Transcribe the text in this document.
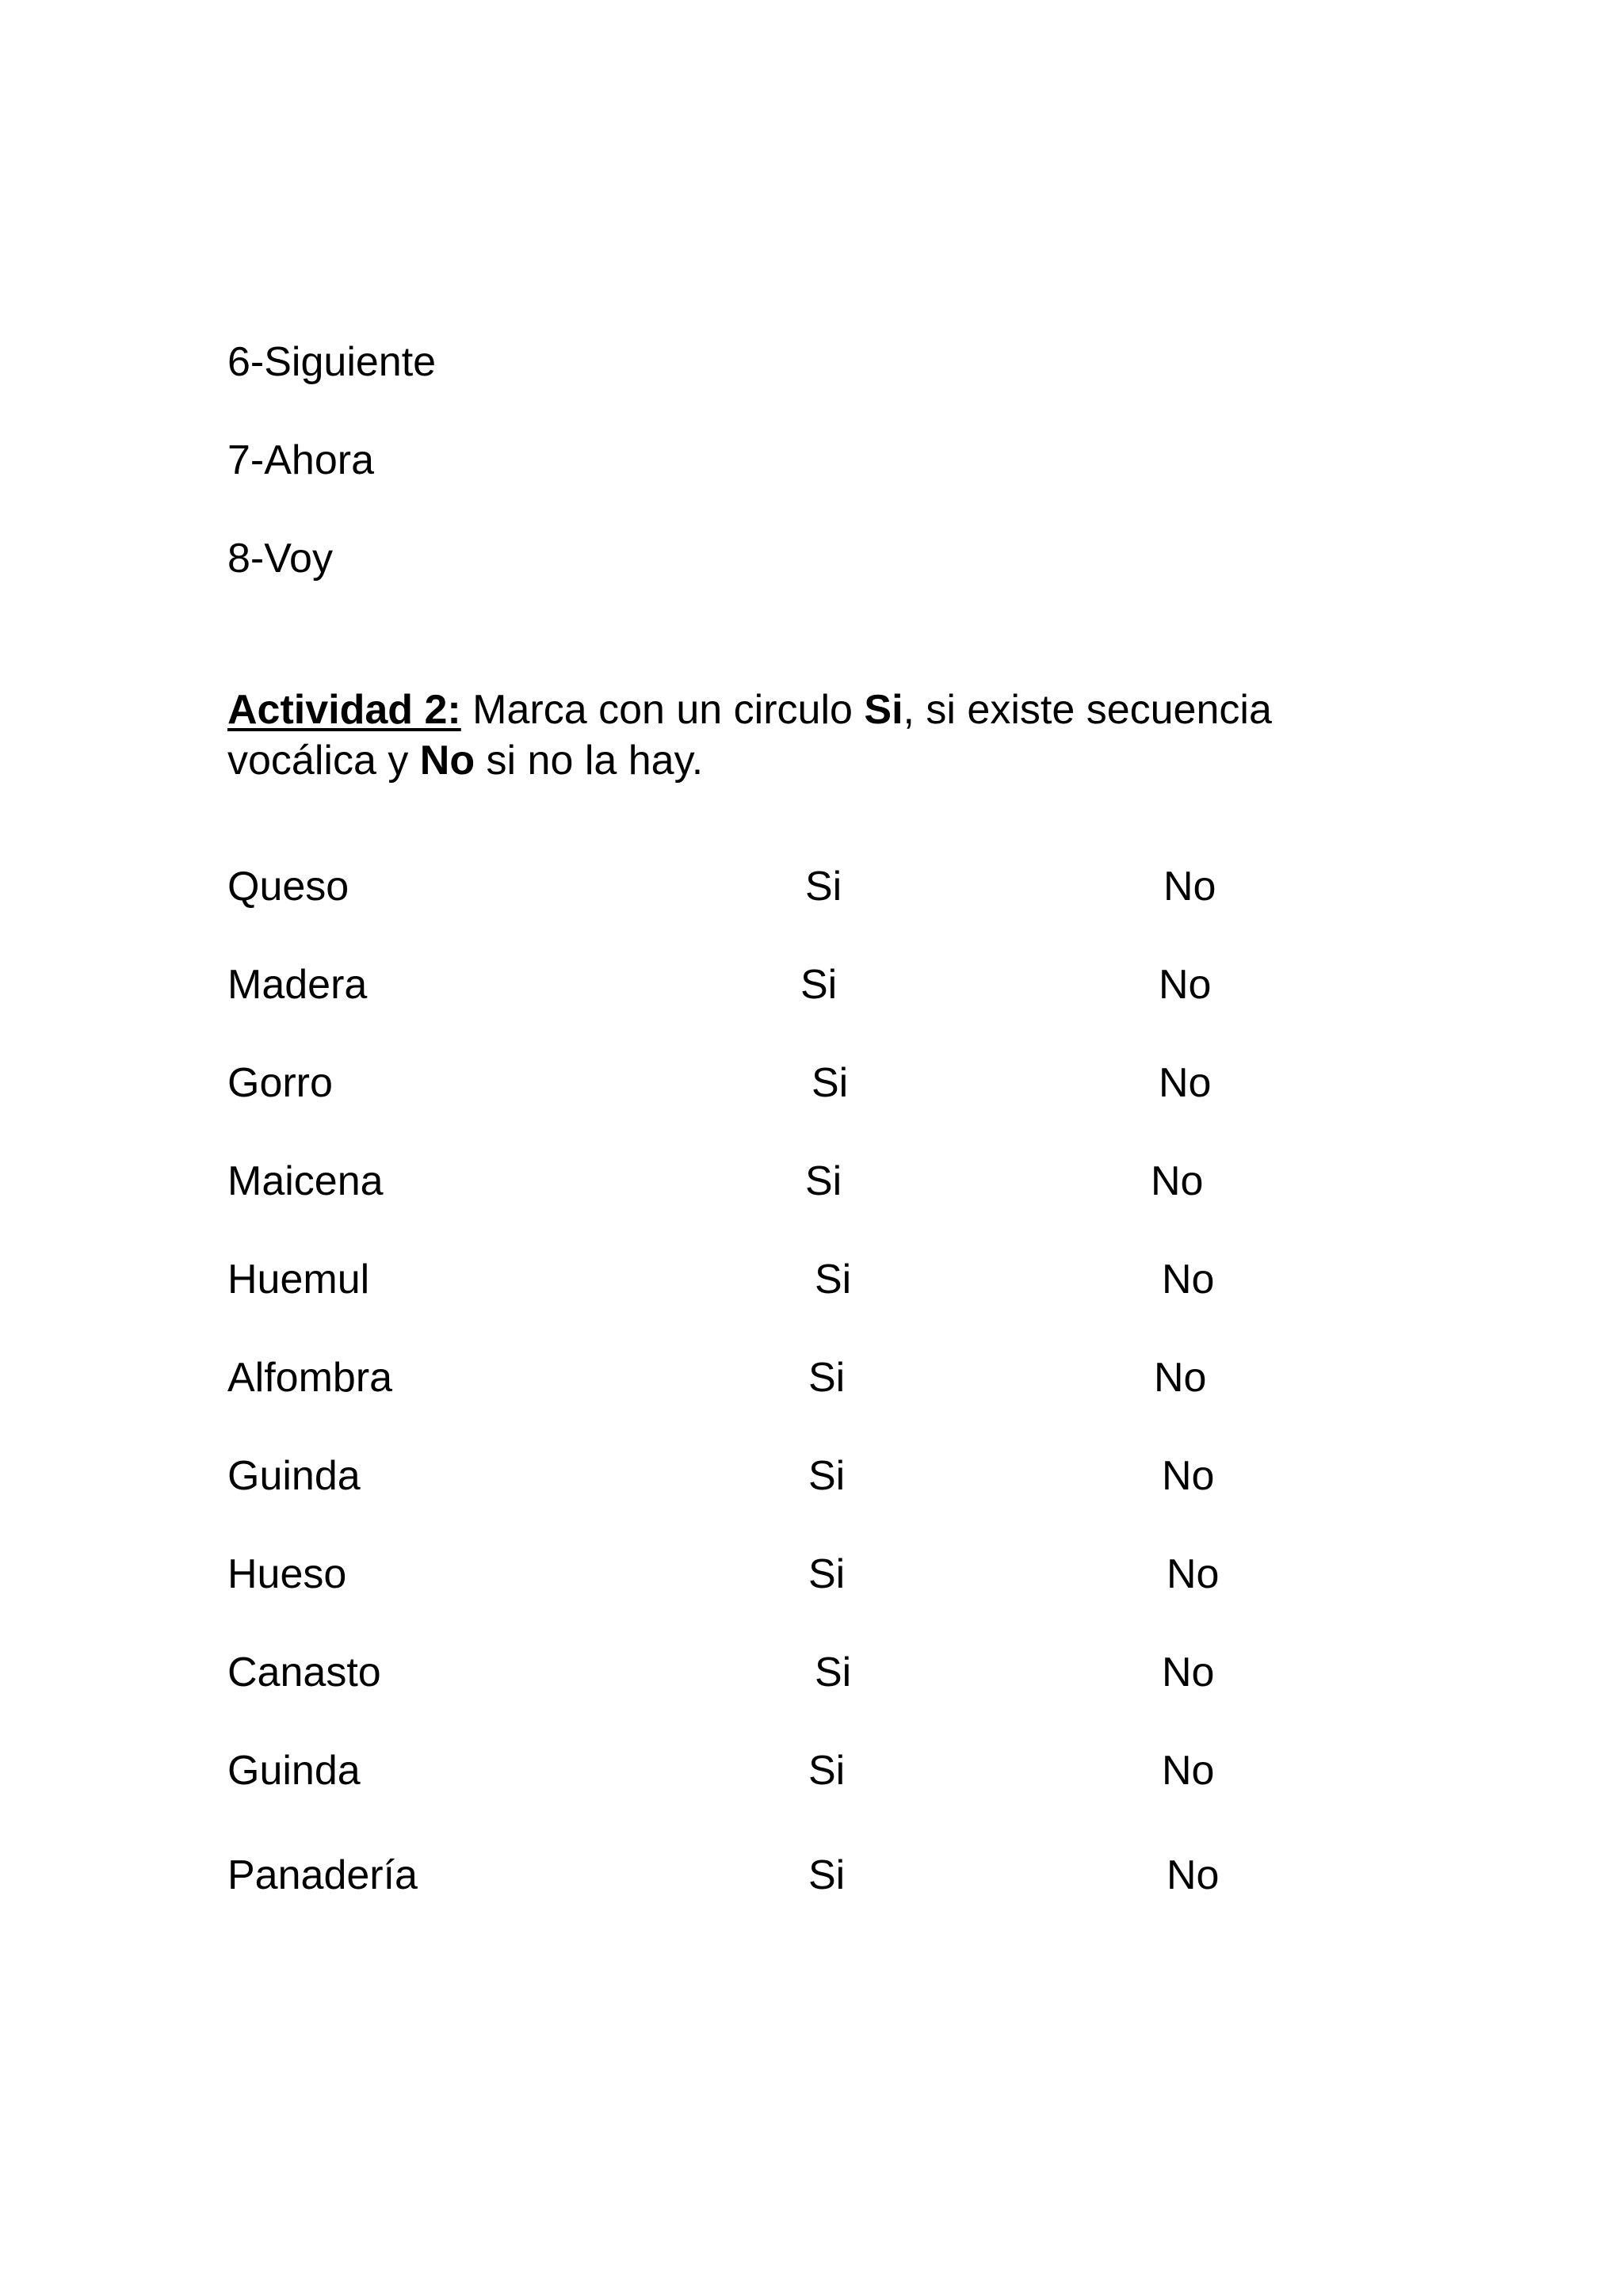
6-Siguiente
7-Ahora
8-Voy
Actividad 2: Marca con un circulo Si, si existe secuencia vocálica y No si no la hay.
Queso	Si	No
Madera	Si	No
Gorro	Si	No
Maicena	Si	No
Huemul	Si	No
Alfombra	Si	No
Guinda	Si	No
Hueso	Si	No
Canasto	Si	No
Guinda	Si	No
Panadería	Si	No
